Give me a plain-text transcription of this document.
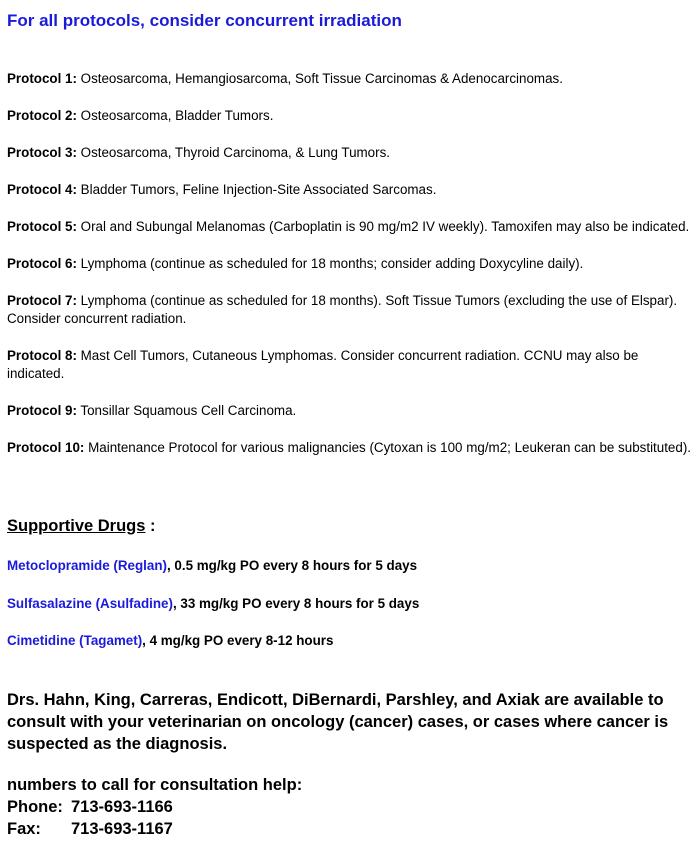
For all protocols, consider concurrent irradiation

Protocol 1: Osteosarcoma, Hemangiosarcoma, Soft Tissue Carcinomas & Adenocarcinomas.

Protocol 2: Osteosarcoma, Bladder Tumors.

Protocol 3: Osteosarcoma, Thyroid Carcinoma, & Lung Tumors.

Protocol 4: Bladder Tumors, Feline Injection-Site Associated Sarcomas.

Protocol 5: Oral and Subungal Melanomas (Carboplatin is 90 mg/m2 IV weekly). Tamoxifen may also be indicated.

Protocol 6: Lymphoma (continue as scheduled for 18 months; consider adding Doxycyline daily).

Protocol 7: Lymphoma (continue as scheduled for 18 months). Soft Tissue Tumors (excluding the use of Elspar). Consider concurrent radiation.

Protocol 8: Mast Cell Tumors, Cutaneous Lymphomas. Consider concurrent radiation. CCNU may also be indicated.

Protocol 9: Tonsillar Squamous Cell Carcinoma.

Protocol 10: Maintenance Protocol for various malignancies (Cytoxan is 100 mg/m2; Leukeran can be substituted).

Supportive Drugs :

Metoclopramide (Reglan), 0.5 mg/kg PO every 8 hours for 5 days

Sulfasalazine (Asulfadine), 33 mg/kg PO every 8 hours for 5 days

Cimetidine (Tagamet), 4 mg/kg PO every 8-12 hours

Drs. Hahn, King, Carreras, Endicott, DiBernardi, Parshley, and Axiak are available to consult with your veterinarian on oncology (cancer) cases, or cases where cancer is suspected as the diagnosis.

numbers to call for consultation help:
Phone: 713-693-1166
Fax: 713-693-1167
